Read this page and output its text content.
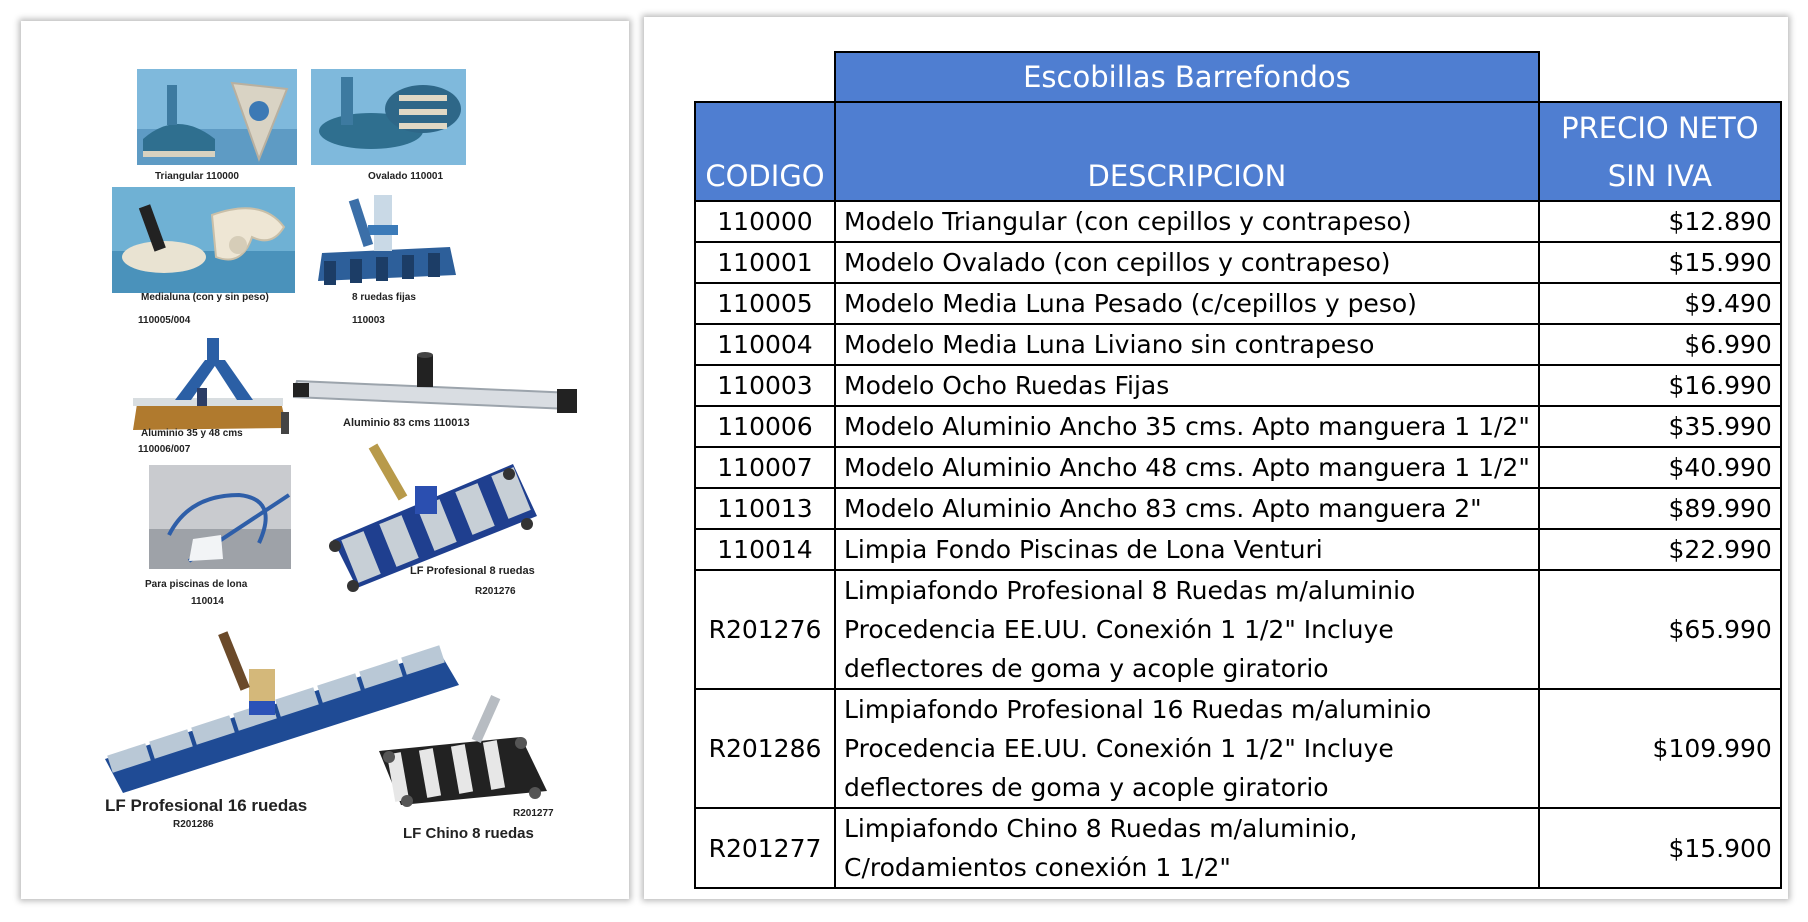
Triangular 110000	Ovalado 110001
Medialuna (con y sin peso)
110005/004
8 ruedas fijas
110003
Aluminio 35 y 48 cms
110006/007
Aluminio 83 cms 110013
Para piscinas de lona
110014
LF Profesional 8 ruedas
R201276
LF Profesional 16 ruedas
R201286
R201277
LF Chino 8 ruedas
	Escobillas Barrefondos	
CODIGO	DESCRIPCION	PRECIO NETO
SIN IVA
110000	Modelo Triangular (con cepillos y contrapeso)	$12.890
110001	Modelo Ovalado (con cepillos y contrapeso)	$15.990
110005	Modelo Media Luna Pesado (c/cepillos y peso)	$9.490
110004	Modelo Media Luna Liviano sin contrapeso	$6.990
110003	Modelo Ocho Ruedas Fijas	$16.990
110006	Modelo Aluminio Ancho 35 cms. Apto manguera 1 1/2"	$35.990
110007	Modelo Aluminio Ancho 48 cms. Apto manguera 1 1/2"	$40.990
110013	Modelo Aluminio Ancho 83 cms. Apto manguera 2"	$89.990
110014	Limpia Fondo Piscinas de Lona Venturi	$22.990
R201276	Limpiafondo Profesional 8 Ruedas m/aluminio
Procedencia EE.UU. Conexión 1 1/2" Incluye
deflectores de goma y acople giratorio	$65.990
R201286	Limpiafondo Profesional 16 Ruedas m/aluminio
Procedencia EE.UU. Conexión 1 1/2" Incluye
deflectores de goma y acople giratorio	$109.990
R201277	Limpiafondo Chino 8 Ruedas m/aluminio,
C/rodamientos conexión 1 1/2"	$15.900
